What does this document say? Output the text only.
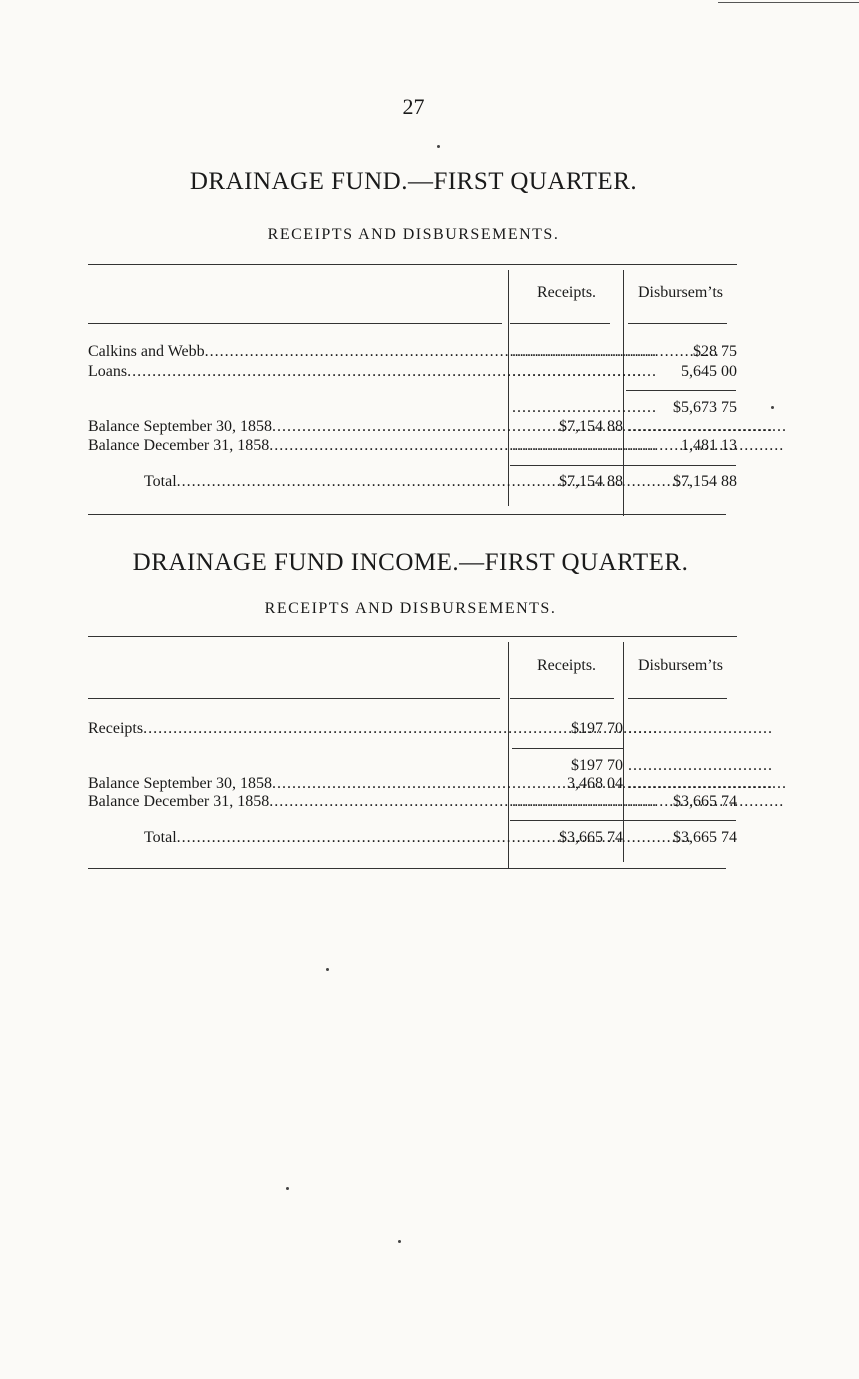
27
DRAINAGE FUND.—FIRST QUARTER.
RECEIPTS AND DISBURSEMENTS.
Receipts.	Disbursem’ts
Calkins and Webb .....	.............................	$28 75
Loans .....	.............................	5,645 00
.............................	$5,673 75
Balance September 30, 1858 .....	$7,154 88 .............................
Balance December 31, 1858 .....	.............................	1,481 13
Total .....	$7,154 88	$7,154 88
DRAINAGE FUND INCOME.—FIRST QUARTER.
RECEIPTS AND DISBURSEMENTS.
Receipts.	Disbursem’ts
Receipts .....	$197 70 .............................
$197 70 .............................
Balance September 30, 1858 .....	3,468 04 .............................
Balance December 31, 1858 .....	.............................	$3,665 74
Total .....	$3,665 74	$3,665 74
